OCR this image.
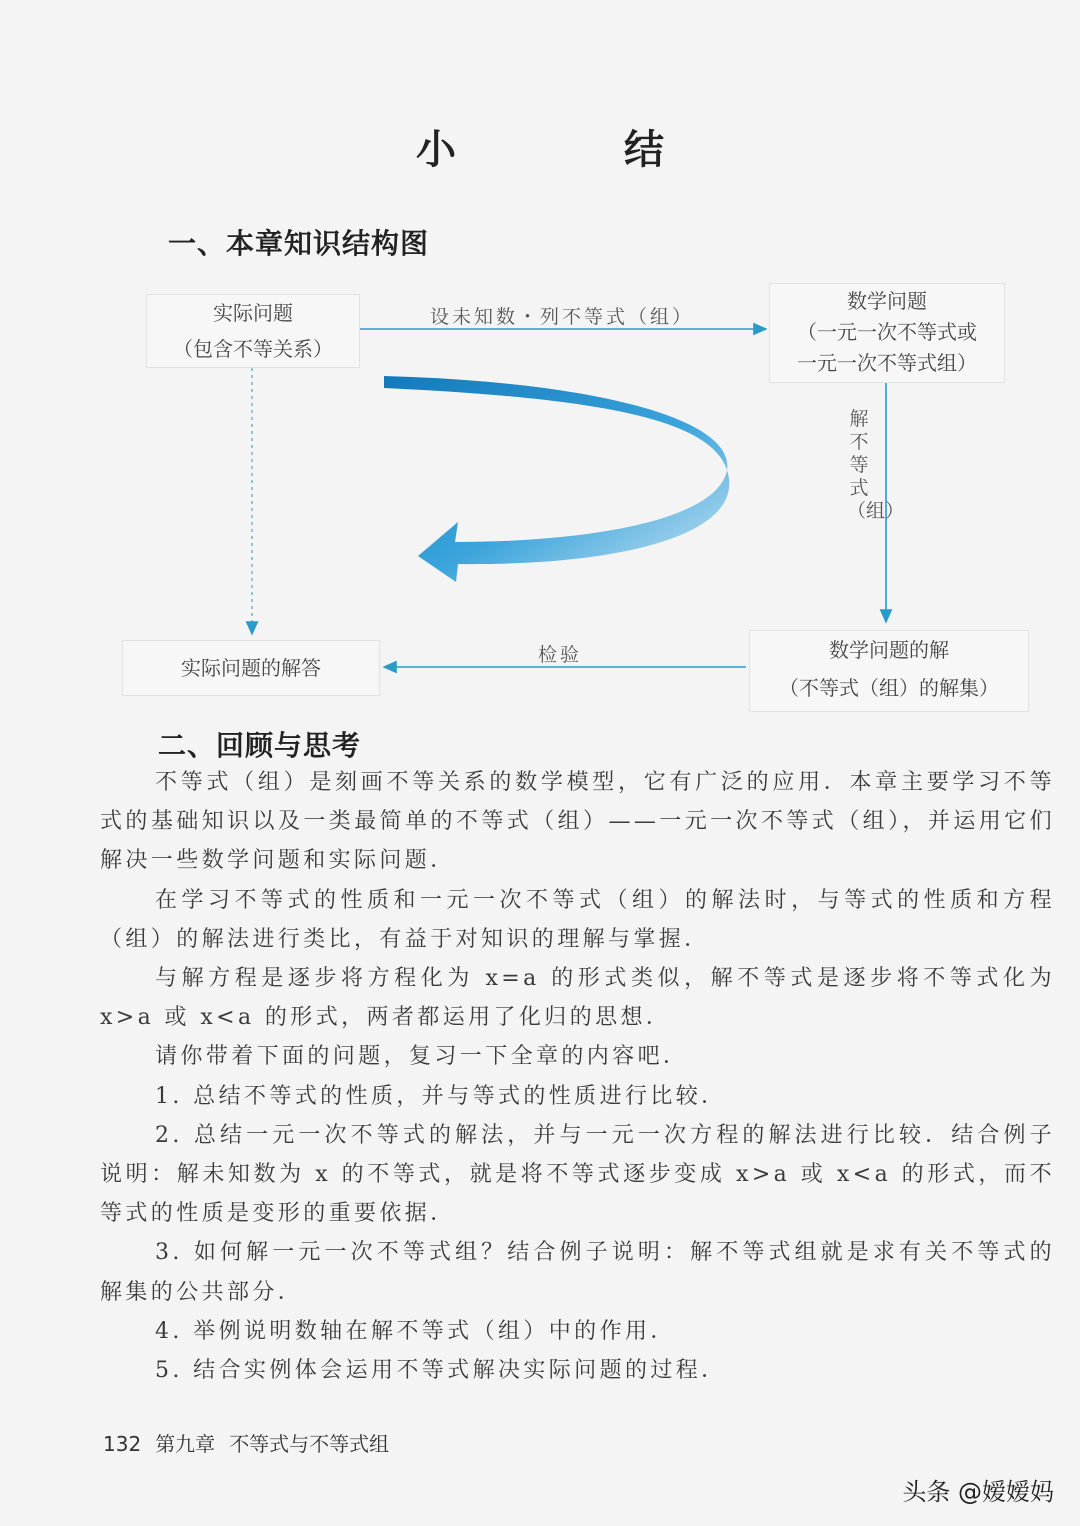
小　结
一、本章知识结构图
实际问题
（包含不等关系）
数学问题
（一元一次不等式或
一元一次不等式组）
数学问题的解
（不等式（组）的解集）
实际问题的解答
设未知数・列不等式（组）
解不等式（组）
检验
二、回顾与思考

不等式（组）是刻画不等关系的数学模型，它有广泛的应用．本章主要学习不等式的基础知识以及一类最简单的不等式（组）——一元一次不等式（组），并运用它们解决一些数学问题和实际问题．

在学习不等式的性质和一元一次不等式（组）的解法时，与等式的性质和方程（组）的解法进行类比，有益于对知识的理解与掌握．

与解方程是逐步将方程化为 x=a 的形式类似，解不等式是逐步将不等式化为 x>a 或 x<a 的形式，两者都运用了化归的思想．

请你带着下面的问题，复习一下全章的内容吧．

1. 总结不等式的性质，并与等式的性质进行比较．

2. 总结一元一次不等式的解法，并与一元一次方程的解法进行比较．结合例子说明：解未知数为 x 的不等式，就是将不等式逐步变成 x>a 或 x<a 的形式，而不等式的性质是变形的重要依据．

3. 如何解一元一次不等式组？结合例子说明：解不等式组就是求有关不等式的解集的公共部分．

4. 举例说明数轴在解不等式（组）中的作用．

5. 结合实例体会运用不等式解决实际问题的过程．

132 第九章 不等式与不等式组
头条 @嫒嫒妈
